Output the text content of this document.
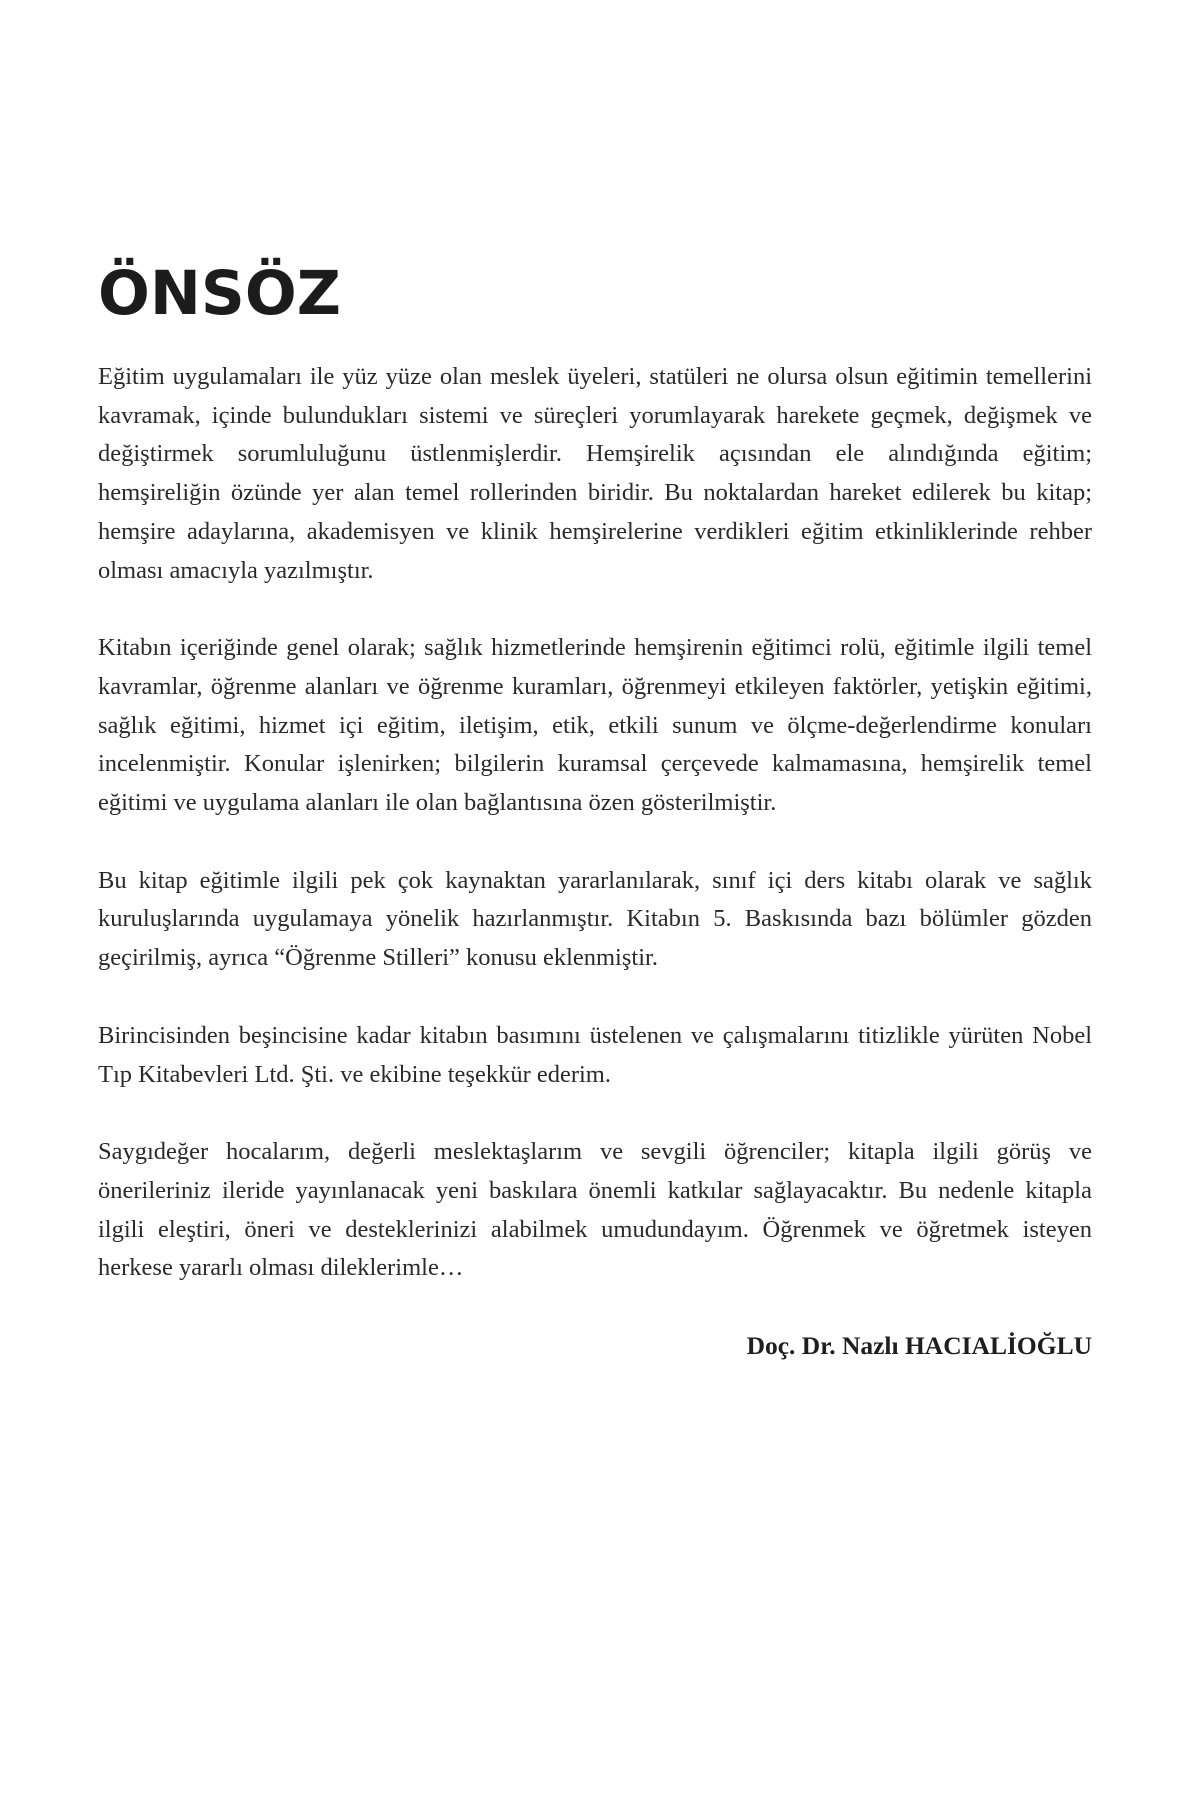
ÖNSÖZ

Eğitim uygulamaları ile yüz yüze olan meslek üyeleri, statüleri ne olursa olsun eğitimin temellerini kavramak, içinde bulundukları sistemi ve süreçleri yorumlayarak harekete geçmek, değişmek ve değiştirmek sorumluluğunu üstlenmişlerdir. Hemşirelik açısından ele alındığında eğitim; hemşireliğin özünde yer alan temel rollerinden biridir. Bu noktalardan hareket edilerek bu kitap; hemşire adaylarına, akademisyen ve klinik hemşirelerine verdikleri eğitim etkinliklerinde rehber olması amacıyla yazılmıştır.

Kitabın içeriğinde genel olarak; sağlık hizmetlerinde hemşirenin eğitimci rolü, eğitimle ilgili temel kavramlar, öğrenme alanları ve öğrenme kuramları, öğrenmeyi etkileyen faktörler, yetişkin eğitimi, sağlık eğitimi, hizmet içi eğitim, iletişim, etik, etkili sunum ve ölçme-değerlendirme konuları incelenmiştir. Konular işlenirken; bilgilerin kuramsal çerçevede kalmamasına, hemşirelik temel eğitimi ve uygulama alanları ile olan bağlantısına özen gösterilmiştir.

Bu kitap eğitimle ilgili pek çok kaynaktan yararlanılarak, sınıf içi ders kitabı olarak ve sağlık kuruluşlarında uygulamaya yönelik hazırlanmıştır. Kitabın 5. Baskısında bazı bölümler gözden geçirilmiş, ayrıca “Öğrenme Stilleri” konusu eklenmiştir.

Birincisinden beşincisine kadar kitabın basımını üstelenen ve çalışmalarını titizlikle yürüten Nobel Tıp Kitabevleri Ltd. Şti. ve ekibine teşekkür ederim.

Saygıdeğer hocalarım, değerli meslektaşlarım ve sevgili öğrenciler; kitapla ilgili görüş ve önerileriniz ileride yayınlanacak yeni baskılara önemli katkılar sağlayacaktır. Bu nedenle kitapla ilgili eleştiri, öneri ve desteklerinizi alabilmek umudundayım. Öğrenmek ve öğretmek isteyen herkese yararlı olması dileklerimle…

Doç. Dr. Nazlı HACIALİOĞLU
